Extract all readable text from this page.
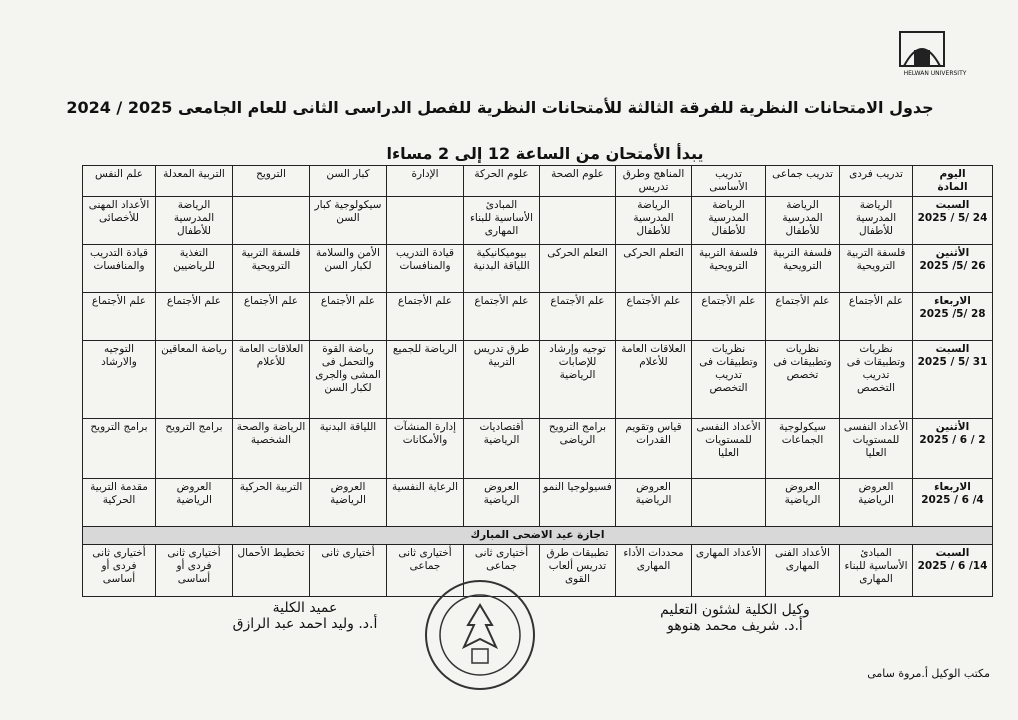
HELWAN UNIVERSITY
جدول الامتحانات النظرية للفرقة الثالثة للأمتحانات النظرية للفصل الدراسى الثانى للعام الجامعى 2025 / 2024
يبدأ الأمتحان من الساعة 12 إلى 2 مساءا
اليوم
المادة	تدريب فردى	تدريب جماعى	تدريب الأساسى	المناهج وطرق تدريس	علوم الصحة	علوم الحركة	الإدارة	كبار السن	الترويح	التربية المعدلة	علم النفس

السبت
2025 / 5/ 24	الرياضة المدرسية للأطفال	الرياضة المدرسية للأطفال	الرياضة المدرسية للأطفال	الرياضة المدرسية للأطفال		المبادئ الأساسية للبناء المهارى		سيكولوجية كبار السن		الرياضة المدرسية للأطفال	الأعداد المهنى للأخصائى

الأثنين
2025 /5/ 26	فلسفة التربية الترويحية	فلسفة التربية الترويحية	فلسفة التربية الترويحية	التعلم الحركى	التعلم الحركى	بيوميكانيكية اللياقة البدنية	قيادة التدريب والمنافسات	الأمن والسلامة لكبار السن	فلسفة التربية الترويحية	التغذية للرياضيين	قيادة التدريب والمنافسات

الاربعاء
2025 /5/ 28	علم الأجتماع	علم الأجتماع	علم الأجتماع	علم الأجتماع	علم الأجتماع	علم الأجتماع	علم الأجتماع	علم الأجتماع	علم الأجتماع	علم الأجتماع	علم الأجتماع

السبت
2025 / 5/ 31	نظريات وتطبيقات فى تدريب التخصص	نظريات وتطبيقات فى تخصص	نظريات وتطبيقات فى تدريب التخصص	العلاقات العامة للأعلام	توجيه وإرشاد للإصابات الرياضية	طرق تدريس التربية	الرياضة للجميع	رياضة القوة والتحمل فى المشى والجرى لكبار السن	العلاقات العامة للأعلام	رياضة المعاقين	التوجيه والارشاد

الأثنين
2025 / 6 / 2	الأعداد النفسى للمستويات العليا	سيكولوجية الجماعات	الأعداد النفسى للمستويات العليا	قياس وتقويم القدرات	برامج الترويح الرياضى	أقتصاديات الرياضية	إدارة المنشآت والأمكانات	اللياقة البدنية	الرياضة والصحة الشخصية	برامج الترويح	برامج الترويح

الاربعاء
2025 / 6 /4	العروض الرياضية	العروض الرياضية		العروض الرياضية	فسيولوجيا النمو	العروض الرياضية	الرعاية النفسية	العروض الرياضية	التربية الحركية	العروض الرياضية	مقدمة التربية الحركية
اجازة عيد الاضحى المبارك											

السبت
2025 / 6 /14	المبادئ الأساسية للبناء المهارى	الأعداد الفنى المهارى	الأعداد المهارى	محددات الأداء المهارى	تطبيقات طرق تدريس ألعاب القوى	أختيارى ثانى جماعى	أختيارى ثانى جماعى	أختيارى ثانى	تخطيط الأحمال	أختيارى ثانى فردى أو أساسى	أختيارى ثانى فردى أو أساسى
وكيل الكلية لشئون التعليم
أ.د. شريف محمد هنوهو
عميد الكلية
أ.د. وليد احمد عبد الرازق
مكتب الوكيل أ.مروة سامى
